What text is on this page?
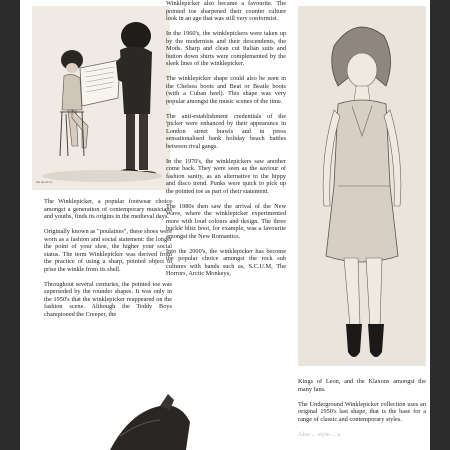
Ink sketch 14

The Winklepicker, a popular footwear choice amongst a generation of contemporary musicians and youths, finds its origins in the medieval days.

Originally known as "poulaines", these shoes were worn as a fashion and social statement: the longer the point of your shoe, the higher your social status. The term Winklepicker was derived from the practice of using a sharp, pointed object to prise the winkle from its shell.

Throughout several centuries, the pointed toe was superseded by the rounder shapes. It was only in the 1950's that the winklepicker reappeared on the fashion scene. Although the Teddy Boys championed the Creeper, the

Winklepicker also became a favourite. The pointed toe sharpened their counter culture look in an age that was still very conformist.

In the 1960's, the winklepickers were taken up by the modernists and their descendents, the Mods. Sharp and clean cut Italian suits and button down shirts were complemented by the sleek lines of the winklepicker.

The winklepicker shape could also be seen in the Chelsea boots and Beat or Beatle boots (with a Cuban heel). This shape was very popular amongst the music scenes of the time.

The anti-establishment credentials of the 'picker were enhanced by their appearance in London street brawls and in press sensationalised bank holiday beach battles between rival gangs.

In the 1970's, the winklepickers saw another come back. They were seen as the saviour of fashion sanity, as an alternative to the hippy and disco trend. Punks were quick to pick up the pointed toe as part of their statement.

The 1980s then saw the arrival of the New Wave, where the winklepicker experimented more with loud colours and design. The three buckle blitz boot, for example, was a favourite amongst the New Romantics.

Into the 2000's, the winklepicker has become the popular choice amongst the rock sub cultures with bands such as, S.C.U.M, The Horrors, Arctic Monkeys,

Kings of Leon, and the Klaxons amongst the many fans.

The Underground Winklepicker collection uses an original 1950's last shape, that is the base for a range of classic and contemporary styles.

Also ... style ... s
